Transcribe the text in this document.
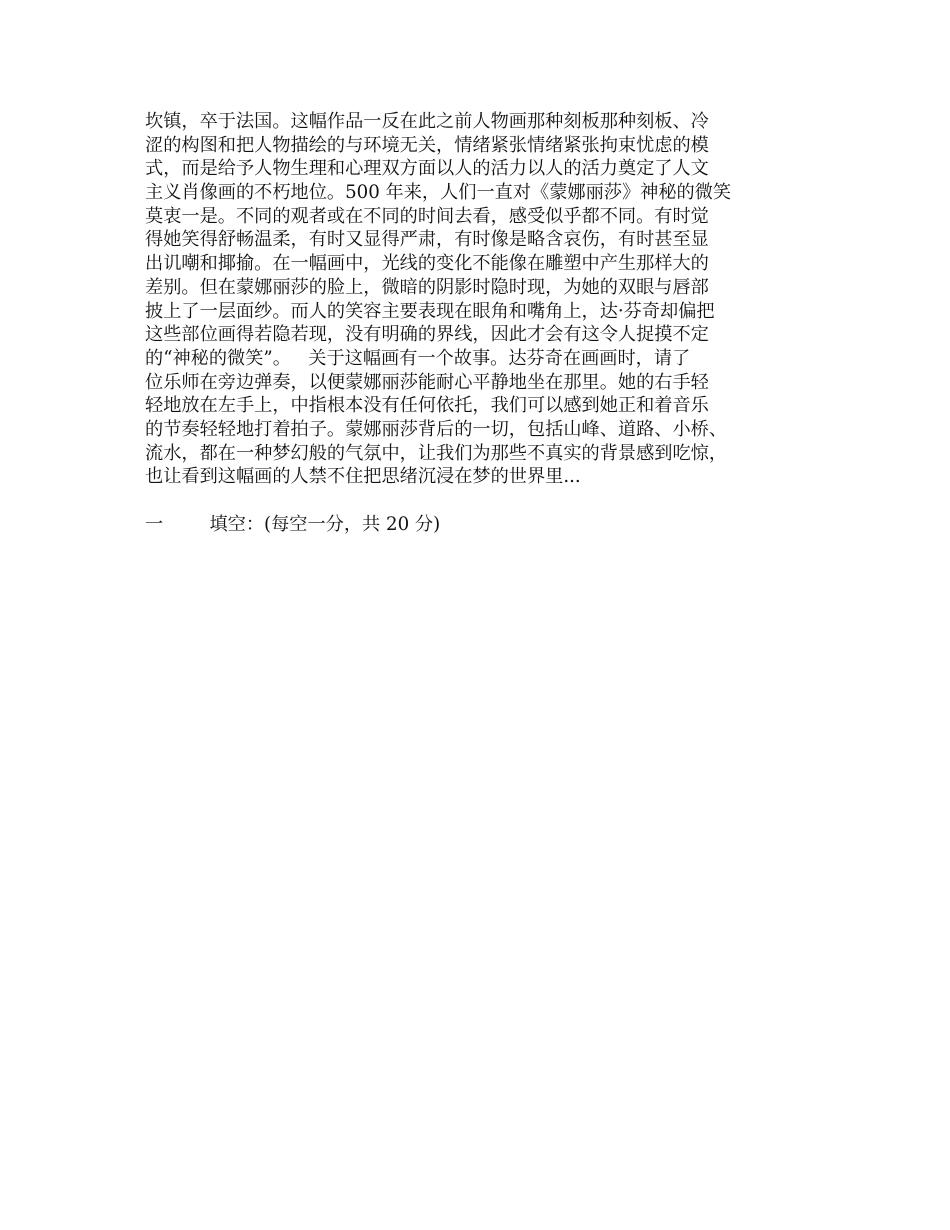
坎镇，卒于法国。这幅作品一反在此之前人物画那种刻板那种刻板、冷
涩的构图和把人物描绘的与环境无关，情绪紧张情绪紧张拘束忧虑的模
式，而是给予人物生理和心理双方面以人的活力以人的活力奠定了人文
主义肖像画的不朽地位。500 年来，人们一直对《蒙娜丽莎》神秘的微笑
莫衷一是。不同的观者或在不同的时间去看，感受似乎都不同。有时觉
得她笑得舒畅温柔，有时又显得严肃，有时像是略含哀伤，有时甚至显
出讥嘲和揶揄。在一幅画中，光线的变化不能像在雕塑中产生那样大的
差别。但在蒙娜丽莎的脸上，微暗的阴影时隐时现，为她的双眼与唇部
披上了一层面纱。而人的笑容主要表现在眼角和嘴角上，达·芬奇却偏把
这些部位画得若隐若现，没有明确的界线，因此才会有这令人捉摸不定
的“神秘的微笑”。   关于这幅画有一个故事。达芬奇在画画时，请了
位乐师在旁边弹奏，以便蒙娜丽莎能耐心平静地坐在那里。她的右手轻
轻地放在左手上，中指根本没有任何依托，我们可以感到她正和着音乐
的节奏轻轻地打着拍子。蒙娜丽莎背后的一切，包括山峰、道路、小桥、
流水，都在一种梦幻般的气氛中，让我们为那些不真实的背景感到吃惊，
也让看到这幅画的人禁不住把思绪沉浸在梦的世界里...

一        填空：(每空一分，共 20 分)
